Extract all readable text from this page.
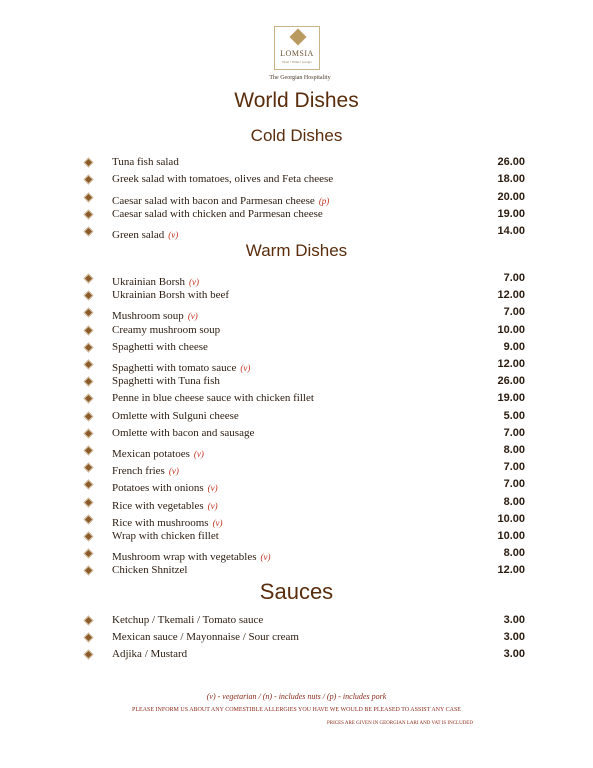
LOMSIA
Hotel • Tbilisi • Georgia
The Georgian Hospitality
World Dishes
Cold Dishes
Tuna fish salad	26.00
Greek salad with tomatoes, olives and Feta cheese	18.00
Caesar salad with bacon and Parmesan cheese (p)	20.00
Caesar salad with chicken and Parmesan cheese	19.00
Green salad (v)	14.00
Warm Dishes
Ukrainian Borsh (v)	7.00
Ukrainian Borsh with beef	12.00
Mushroom soup (v)	7.00
Creamy mushroom soup	10.00
Spaghetti with cheese	9.00
Spaghetti with tomato sauce (v)	12.00
Spaghetti with Tuna fish	26.00
Penne in blue cheese sauce with chicken fillet	19.00
Omlette with Sulguni cheese	5.00
Omlette with bacon and sausage	7.00
Mexican potatoes (v)	8.00
French fries (v)	7.00
Potatoes with onions (v)	7.00
Rice with vegetables (v)	8.00
Rice with mushrooms (v)	10.00
Wrap with chicken fillet	10.00
Mushroom wrap with vegetables (v)	8.00
Chicken Shnitzel	12.00
Sauces
Ketchup / Tkemali / Tomato sauce	3.00
Mexican sauce / Mayonnaise / Sour cream	3.00
Adjika / Mustard	3.00
(v) - vegetarian / (n) - includes nuts / (p) - includes pork
PLEASE INFORM US ABOUT ANY COMESTIBLE ALLERGIES YOU HAVE WE WOULD BE PLEASED TO ASSIST ANY CASE
PRICES ARE GIVEN IN GEORGIAN LARI AND VAT IS INCLUDED
